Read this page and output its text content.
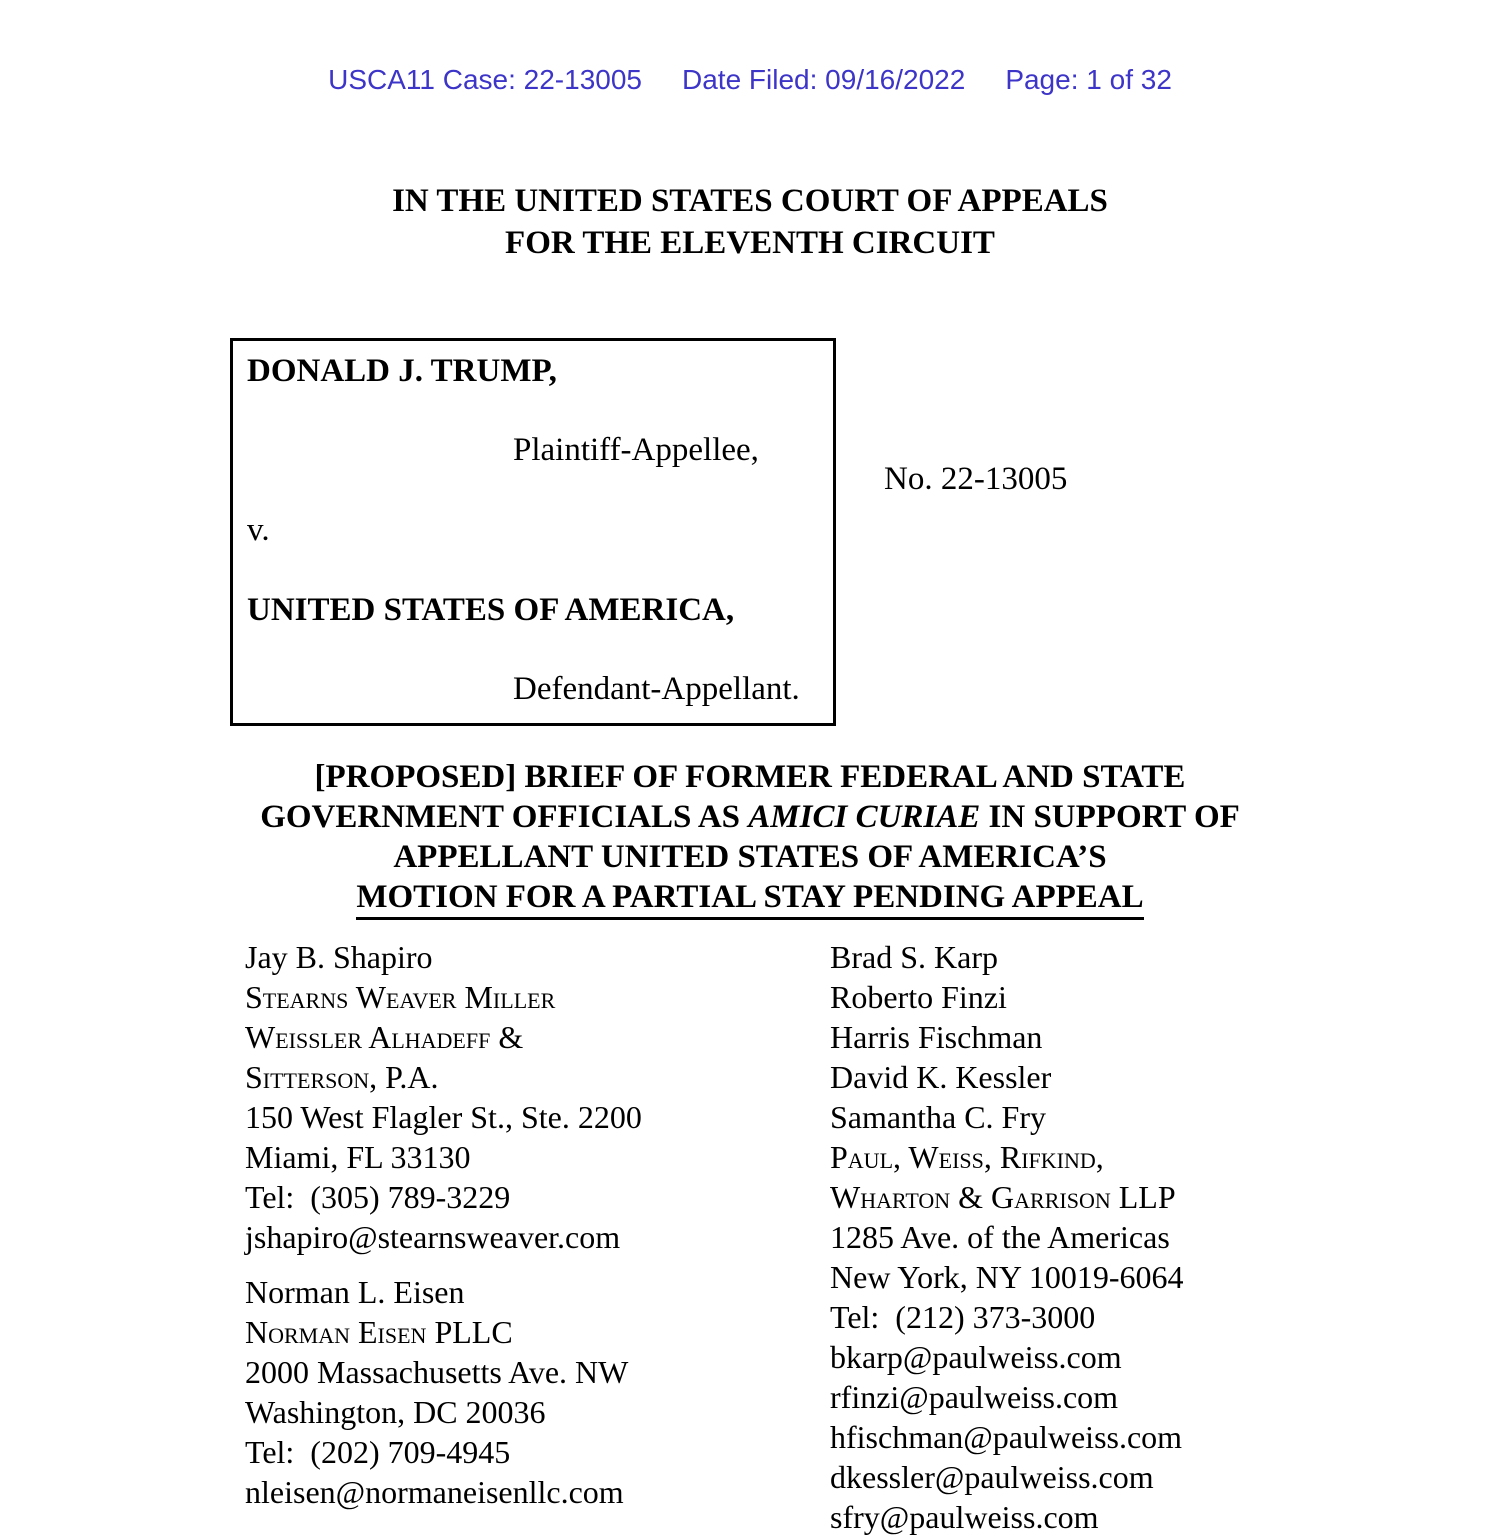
USCA11 Case: 22-13005 Date Filed: 09/16/2022 Page: 1 of 32
IN THE UNITED STATES COURT OF APPEALS
FOR THE ELEVENTH CIRCUIT
DONALD J. TRUMP,
Plaintiff-Appellee,
v.
UNITED STATES OF AMERICA,
Defendant-Appellant.
No. 22-13005
[PROPOSED] BRIEF OF FORMER FEDERAL AND STATE
GOVERNMENT OFFICIALS AS AMICI CURIAE IN SUPPORT OF
APPELLANT UNITED STATES OF AMERICA’S
MOTION FOR A PARTIAL STAY PENDING APPEAL
Jay B. Shapiro
Stearns Weaver Miller
Weissler Alhadeff &
Sitterson, P.A.
150 West Flagler St., Ste. 2200
Miami, FL 33130
Tel:  (305) 789-3229
jshapiro@stearnsweaver.com
Norman L. Eisen
Norman Eisen PLLC
2000 Massachusetts Ave. NW
Washington, DC 20036
Tel:  (202) 709-4945
nleisen@normaneisenllc.com
Brad S. Karp
Roberto Finzi
Harris Fischman
David K. Kessler
Samantha C. Fry
Paul, Weiss, Rifkind,
Wharton & Garrison LLP
1285 Ave. of the Americas
New York, NY 10019-6064
Tel:  (212) 373-3000
bkarp@paulweiss.com
rfinzi@paulweiss.com
hfischman@paulweiss.com
dkessler@paulweiss.com
sfry@paulweiss.com
